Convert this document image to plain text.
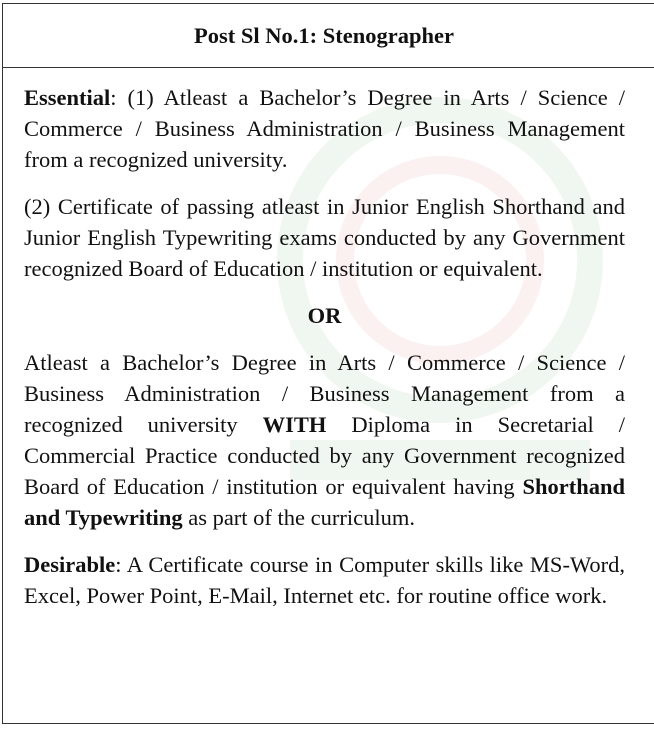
Post Sl No.1: Stenographer

Essential: (1) Atleast a Bachelor’s Degree in Arts / Science / Commerce / Business Administration / Business Management from a recognized university.

(2) Certificate of passing atleast in Junior English Shorthand and Junior English Typewriting exams conducted by any Government recognized Board of Education / institution or equivalent.

OR

Atleast a Bachelor’s Degree in Arts / Commerce / Science / Business Administration / Business Management from a recognized university WITH Diploma in Secretarial / Commercial Practice conducted by any Government recognized Board of Education / institution or equivalent having Shorthand and Typewriting as part of the curriculum.

Desirable: A Certificate course in Computer skills like MS-Word, Excel, Power Point, E-Mail, Internet etc. for routine office work.
